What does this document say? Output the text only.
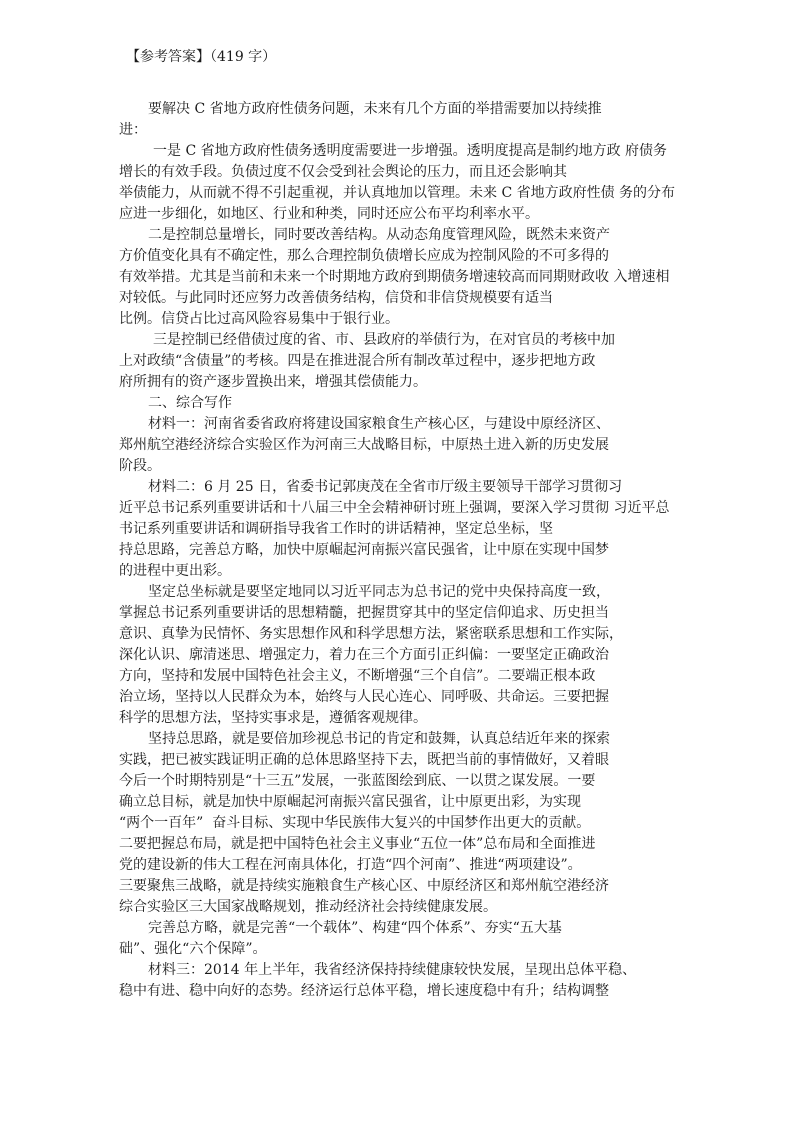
【参考答案】（419 字）
要解决 C 省地方政府性债务问题，未来有几个方面的举措需要加以持续推
进：
一是 C 省地方政府性债务透明度需要进一步增强。透明度提高是制约地方政 府债务
增长的有效手段。负债过度不仅会受到社会舆论的压力，而且还会影响其
举债能力，从而就不得不引起重视，并认真地加以管理。未来 C 省地方政府性债 务的分布
应进一步细化，如地区、行业和种类，同时还应公布平均利率水平。
二是控制总量增长，同时要改善结构。从动态角度管理风险，既然未来资产
方价值变化具有不确定性，那么合理控制负债增长应成为控制风险的不可多得的
有效举措。尤其是当前和未来一个时期地方政府到期债务增速较高而同期财政收 入增速相
对较低。与此同时还应努力改善债务结构，信贷和非信贷规模要有适当
比例。信贷占比过高风险容易集中于银行业。
三是控制已经借债过度的省、市、县政府的举债行为，在对官员的考核中加
上对政绩“含债量”的考核。四是在推进混合所有制改革过程中，逐步把地方政
府所拥有的资产逐步置换出来，增强其偿债能力。
二、综合写作
材料一：河南省委省政府将建设国家粮食生产核心区，与建设中原经济区、
郑州航空港经济综合实验区作为河南三大战略目标，中原热土进入新的历史发展
阶段。
材料二：6 月 25 日，省委书记郭庚茂在全省市厅级主要领导干部学习贯彻习
近平总书记系列重要讲话和十八届三中全会精神研讨班上强调，要深入学习贯彻 习近平总
书记系列重要讲话和调研指导我省工作时的讲话精神，坚定总坐标，坚
持总思路，完善总方略，加快中原崛起河南振兴富民强省，让中原在实现中国梦
的进程中更出彩。
坚定总坐标就是要坚定地同以习近平同志为总书记的党中央保持高度一致，
掌握总书记系列重要讲话的思想精髓，把握贯穿其中的坚定信仰追求、历史担当
意识、真挚为民情怀、务实思想作风和科学思想方法，紧密联系思想和工作实际，
深化认识、廓清迷思、增强定力，着力在三个方面引正纠偏：一要坚定正确政治
方向，坚持和发展中国特色社会主义，不断增强“三个自信”。二要端正根本政
治立场，坚持以人民群众为本，始终与人民心连心、同呼吸、共命运。三要把握
科学的思想方法，坚持实事求是，遵循客观规律。
坚持总思路，就是要倍加珍视总书记的肯定和鼓舞，认真总结近年来的探索
实践，把已被实践证明正确的总体思路坚持下去，既把当前的事情做好，又着眼
今后一个时期特别是“十三五”发展，一张蓝图绘到底、一以贯之谋发展。一要
确立总目标，就是加快中原崛起河南振兴富民强省，让中原更出彩，为实现
“两个一百年”  奋斗目标、实现中华民族伟大复兴的中国梦作出更大的贡献。
二要把握总布局，就是把中国特色社会主义事业“五位一体”总布局和全面推进
党的建设新的伟大工程在河南具体化，打造“四个河南”、推进“两项建设”。
三要聚焦三战略，就是持续实施粮食生产核心区、中原经济区和郑州航空港经济
综合实验区三大国家战略规划，推动经济社会持续健康发展。
完善总方略，就是完善“一个载体”、构建“四个体系”、夯实“五大基
础”、强化“六个保障”。
材料三：2014 年上半年，我省经济保持持续健康较快发展，呈现出总体平稳、
稳中有进、稳中向好的态势。经济运行总体平稳，增长速度稳中有升；结构调整
